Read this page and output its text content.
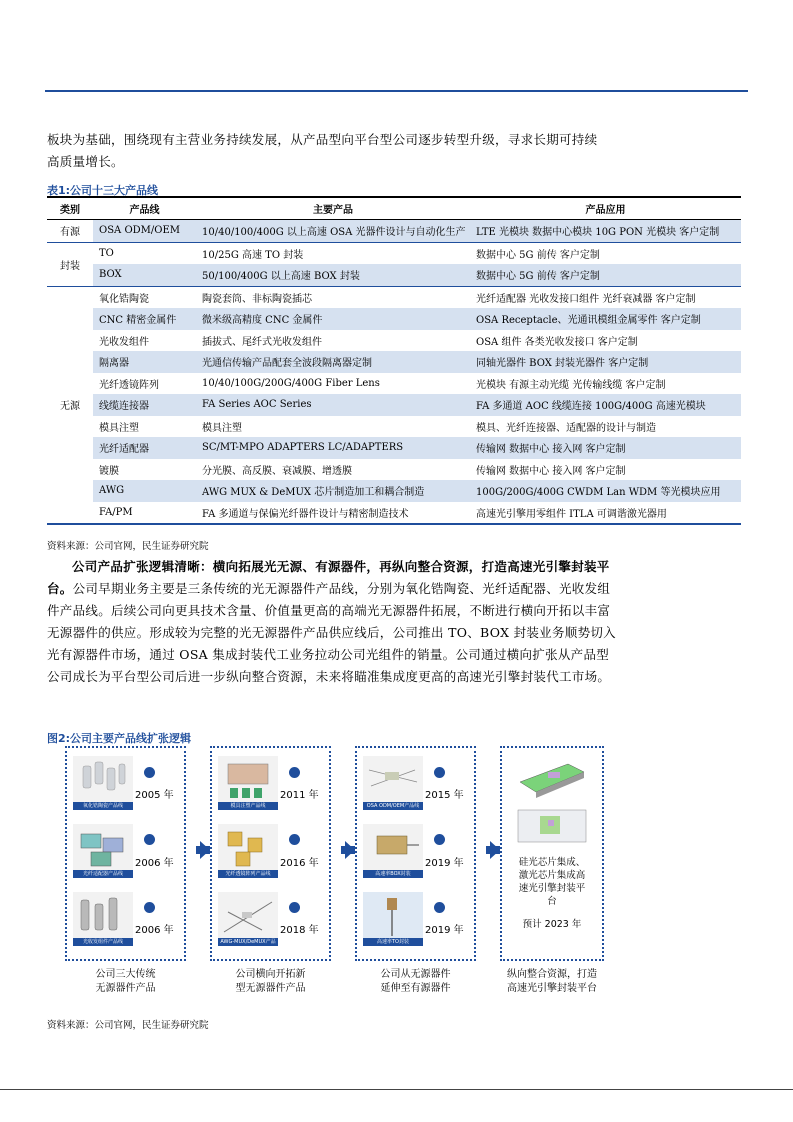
板块为基础，围绕现有主营业务持续发展，从产品型向平台型公司逐步转型升级，寻求长期可持续
高质量增长。
表1:公司十三大产品线
类别	产品线	主要产品	产品应用
有源	OSA ODM/OEM	10/40/100/400G 以上高速 OSA 光器件设计与自动化生产	LTE 光模块 数据中心模块 10G PON 光模块 客户定制
封装	TO	10/25G 高速 TO 封装	数据中心 5G 前传 客户定制
	BOX	50/100/400G 以上高速 BOX 封装	数据中心 5G 前传 客户定制
无源	氧化锆陶瓷	陶瓷套筒、非标陶瓷插芯	光纤适配器 光收发接口组件 光纤衰减器 客户定制
	CNC 精密金属件	微米级高精度 CNC 金属件	OSA Receptacle、光通讯模组金属零件 客户定制
	光收发组件	插拔式、尾纤式光收发组件	OSA 组件 各类光收发接口 客户定制
	隔离器	光通信传输产品配套全波段隔离器定制	同轴光器件 BOX 封装光器件 客户定制
	光纤透镜阵列	10/40/100G/200G/400G Fiber Lens	光模块 有源主动光缆 光传输线缆 客户定制
	线缆连接器	FA Series AOC Series	FA 多通道 AOC 线缆连接 100G/400G 高速光模块
	模具注塑	模具注塑	模具、光纤连接器、适配器的设计与制造
	光纤适配器	SC/MT-MPO ADAPTERS LC/ADAPTERS	传输网 数据中心 接入网 客户定制
	镀膜	分光膜、高反膜、衰减膜、增透膜	传输网 数据中心 接入网 客户定制
	AWG	AWG MUX & DeMUX 芯片制造加工和耦合制造	100G/200G/400G CWDM Lan WDM 等光模块应用
	FA/PM	FA 多通道与保偏光纤器件设计与精密制造技术	高速光引擎用零组件 ITLA 可调谐激光器用
资料来源：公司官网，民生证券研究院
公司产品扩张逻辑清晰：横向拓展光无源、有源器件，再纵向整合资源，打造高速光引擎封装平台。公司早期业务主要是三条传统的光无源器件产品线，分别为氧化锆陶瓷、光纤适配器、光收发组件产品线。后续公司向更具技术含量、价值量更高的高端光无源器件拓展，不断进行横向开拓以丰富无源器件的供应。形成较为完整的光无源器件产品供应线后，公司推出 TO、BOX 封装业务顺势切入光有源器件市场，通过 OSA 集成封装代工业务拉动公司光组件的销量。公司通过横向扩张从产品型公司成长为平台型公司后进一步纵向整合资源，未来将瞄准集成度更高的高速光引擎封装代工市场。
图2:公司主要产品线扩张逻辑
氧化锆陶瓷产品线
2005 年
光纤适配器产品线
2006 年
光收发组件产品线
2006 年
公司三大传统
无源器件产品
模具注塑产品线
2011 年
光纤透镜阵列产品线
2016 年
AWG-MUX/DeMUX产品线
2018 年
公司横向开拓新
型无源器件产品
OSA ODM/OEM产品线
2015 年
高速率BOX封装
2019 年
高速率TO封装
2019 年
公司从无源器件
延伸至有源器件
硅光芯片集成、
激光芯片集成高
速光引擎封装平
台
预计 2023 年
纵向整合资源，打造
高速光引擎封装平台
资料来源：公司官网，民生证券研究院
